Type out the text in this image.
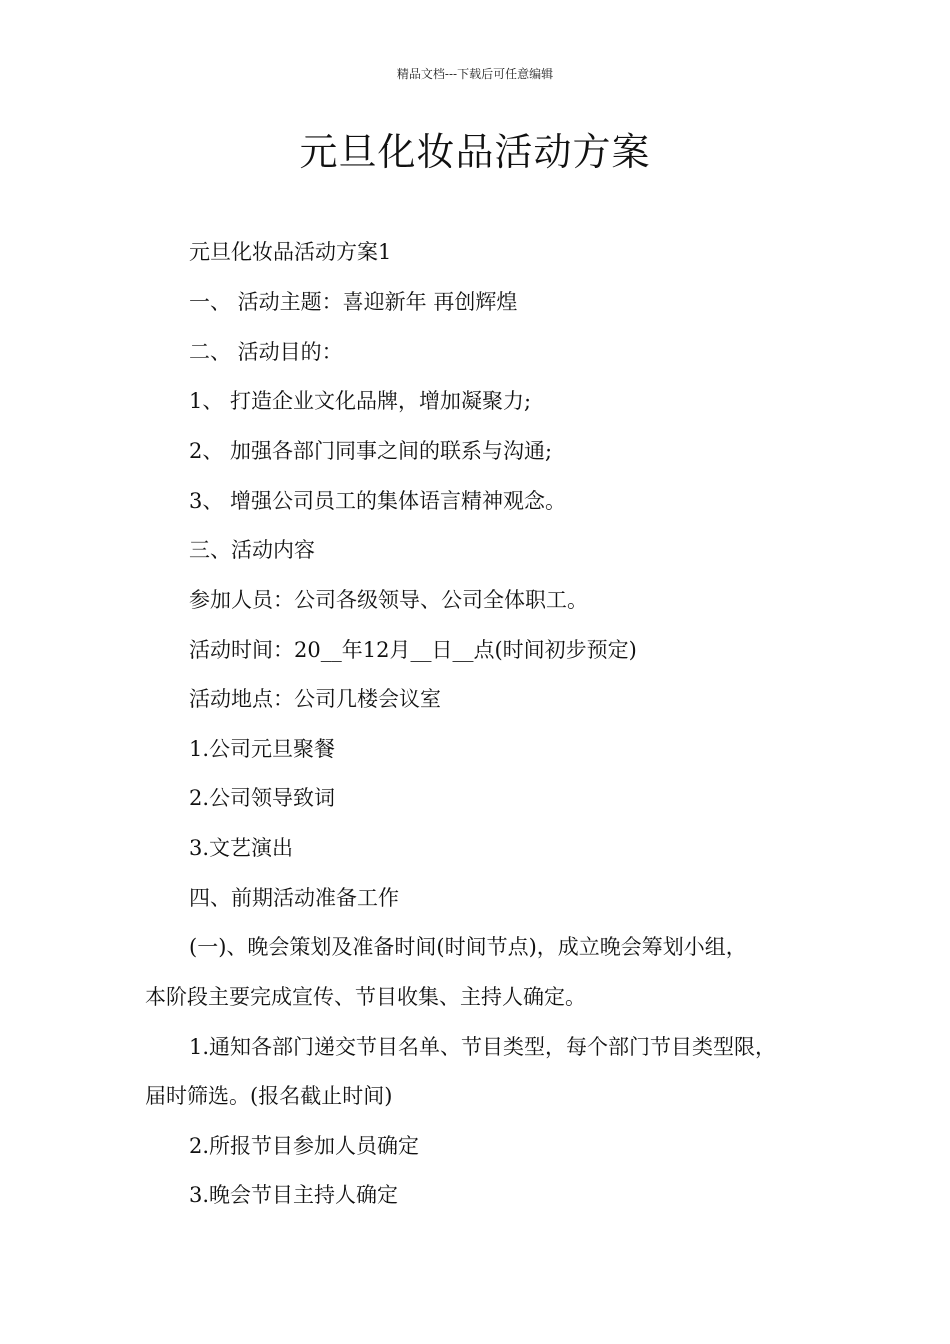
精品文档---下载后可任意编辑
元旦化妆品活动方案

元旦化妆品活动方案1

一、 活动主题：喜迎新年 再创辉煌

二、 活动目的：

1、 打造企业文化品牌，增加凝聚力;

2、 加强各部门同事之间的联系与沟通;

3、 增强公司员工的集体语言精神观念。

三、活动内容

参加人员：公司各级领导、公司全体职工。

活动时间：20__年12月__日__点(时间初步预定)

活动地点：公司几楼会议室

1.公司元旦聚餐

2.公司领导致词

3.文艺演出

四、前期活动准备工作

(一)、晚会策划及准备时间(时间节点)，成立晚会筹划小组，

本阶段主要完成宣传、节目收集、主持人确定。

1.通知各部门递交节目名单、节目类型，每个部门节目类型限，

届时筛选。(报名截止时间)

2.所报节目参加人员确定

3.晚会节目主持人确定
